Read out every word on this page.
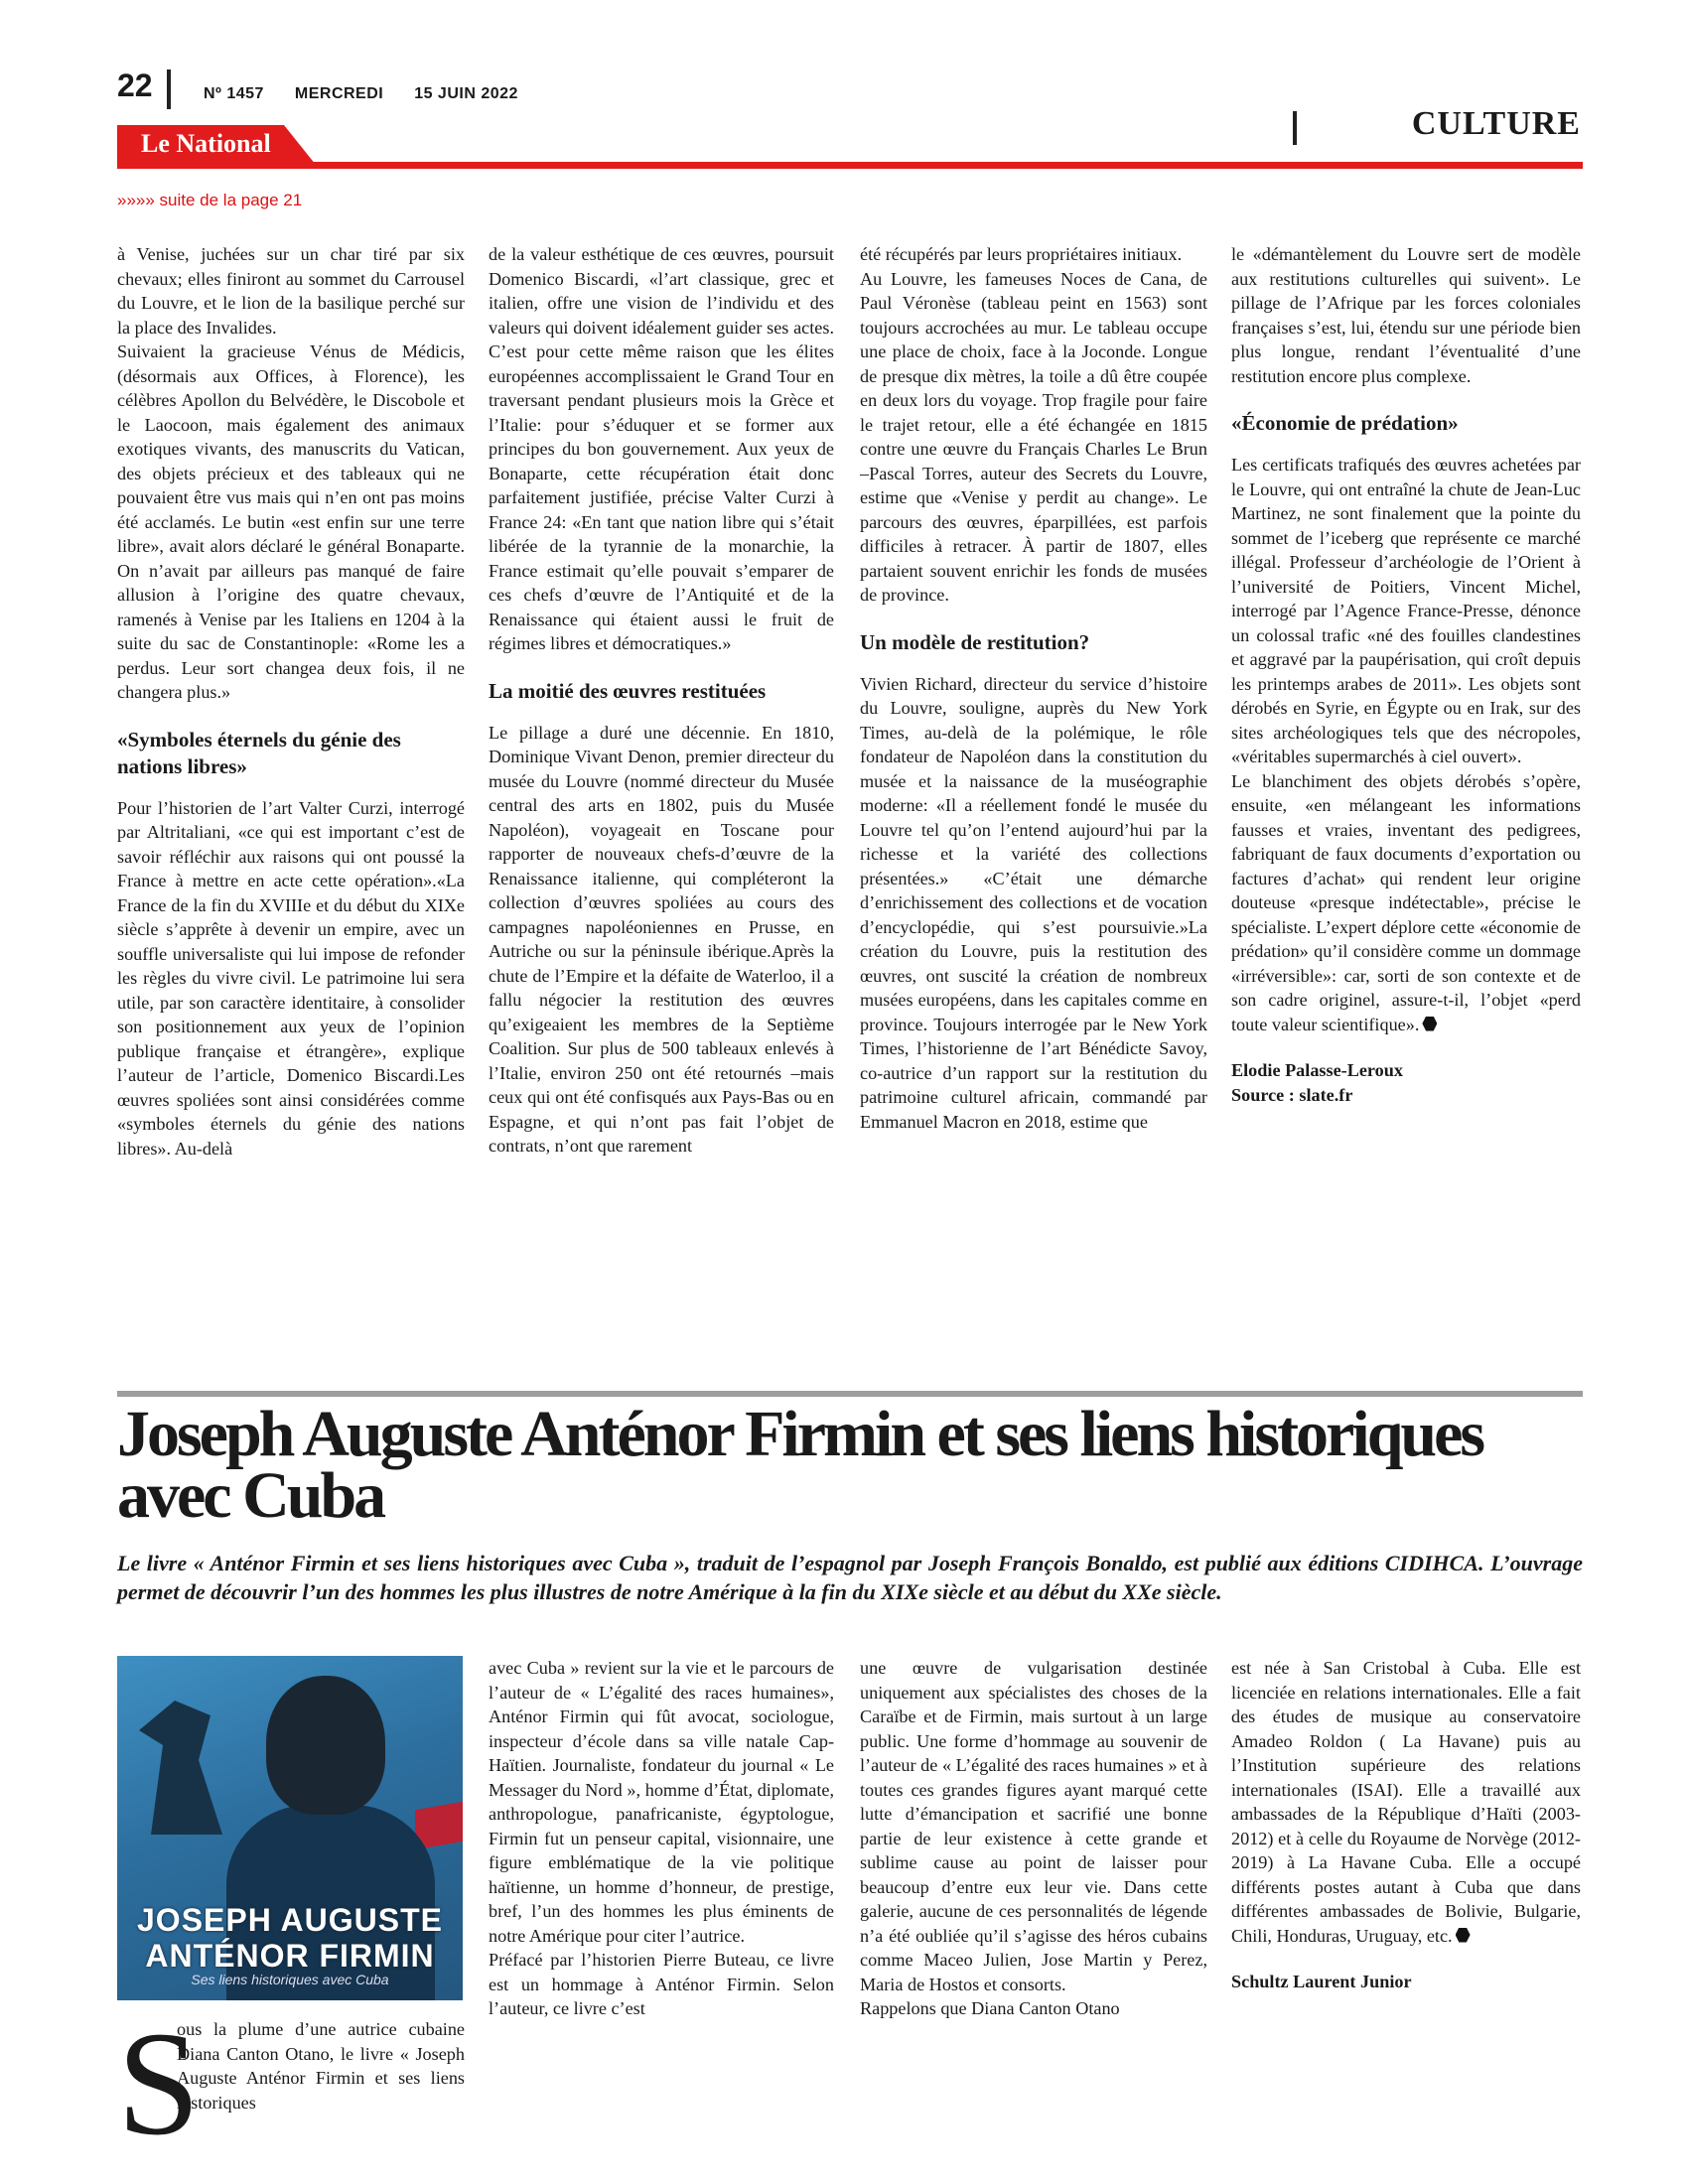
22	Nº 1457 MERCREDI 15 JUIN 2022
Le National
CULTURE
»»»» suite de la page 21

à Venise, juchées sur un char tiré par six chevaux; elles finiront au sommet du Carrousel du Louvre, et le lion de la basilique perché sur la place des Invalides.

Suivaient la gracieuse Vénus de Médicis, (désormais aux Offices, à Florence), les célèbres Apollon du Belvédère, le Discobole et le Laocoon, mais également des animaux exotiques vivants, des manuscrits du Vatican, des objets précieux et des tableaux qui ne pouvaient être vus mais qui n’en ont pas moins été acclamés. Le butin «est enfin sur une terre libre», avait alors déclaré le général Bonaparte. On n’avait par ailleurs pas manqué de faire allusion à l’origine des quatre chevaux, ramenés à Venise par les Italiens en 1204 à la suite du sac de Constantinople: «Rome les a perdus. Leur sort changea deux fois, il ne changera plus.»

«Symboles éternels du génie des nations libres»

Pour l’historien de l’art Valter Curzi, interrogé par Altritaliani, «ce qui est important c’est de savoir réfléchir aux raisons qui ont poussé la France à mettre en acte cette opération».«La France de la fin du XVIIIe et du début du XIXe siècle s’apprête à devenir un empire, avec un souffle universaliste qui lui impose de refonder les règles du vivre civil. Le patrimoine lui sera utile, par son caractère identitaire, à consolider son positionnement aux yeux de l’opinion publique française et étrangère», explique l’auteur de l’article, Domenico Biscardi.Les œuvres spoliées sont ainsi considérées comme «symboles éternels du génie des nations libres». Au-delà

de la valeur esthétique de ces œuvres, poursuit Domenico Biscardi, «l’art classique, grec et italien, offre une vision de l’individu et des valeurs qui doivent idéalement guider ses actes. C’est pour cette même raison que les élites européennes accomplissaient le Grand Tour en traversant pendant plusieurs mois la Grèce et l’Italie: pour s’éduquer et se former aux principes du bon gouvernement. Aux yeux de Bonaparte, cette récupération était donc parfaitement justifiée, précise Valter Curzi à France 24: «En tant que nation libre qui s’était libérée de la tyrannie de la monarchie, la France estimait qu’elle pouvait s’emparer de ces chefs d’œuvre de l’Antiquité et de la Renaissance qui étaient aussi le fruit de régimes libres et démocratiques.»

La moitié des œuvres restituées

Le pillage a duré une décennie. En 1810, Dominique Vivant Denon, premier directeur du musée du Louvre (nommé directeur du Musée central des arts en 1802, puis du Musée Napoléon), voyageait en Toscane pour rapporter de nouveaux chefs-d’œuvre de la Renaissance italienne, qui compléteront la collection d’œuvres spoliées au cours des campagnes napoléoniennes en Prusse, en Autriche ou sur la péninsule ibérique.Après la chute de l’Empire et la défaite de Waterloo, il a fallu négocier la restitution des œuvres qu’exigeaient les membres de la Septième Coalition. Sur plus de 500 tableaux enlevés à l’Italie, environ 250 ont été retournés –mais ceux qui ont été confisqués aux Pays-Bas ou en Espagne, et qui n’ont pas fait l’objet de contrats, n’ont que rarement

été récupérés par leurs propriétaires initiaux.

Au Louvre, les fameuses Noces de Cana, de Paul Véronèse (tableau peint en 1563) sont toujours accrochées au mur. Le tableau occupe une place de choix, face à la Joconde. Longue de presque dix mètres, la toile a dû être coupée en deux lors du voyage. Trop fragile pour faire le trajet retour, elle a été échangée en 1815 contre une œuvre du Français Charles Le Brun –Pascal Torres, auteur des Secrets du Louvre, estime que «Venise y perdit au change». Le parcours des œuvres, éparpillées, est parfois difficiles à retracer. À partir de 1807, elles partaient souvent enrichir les fonds de musées de province.

Un modèle de restitution?

Vivien Richard, directeur du service d’histoire du Louvre, souligne, auprès du New York Times, au-delà de la polémique, le rôle fondateur de Napoléon dans la constitution du musée et la naissance de la muséographie moderne: «Il a réellement fondé le musée du Louvre tel qu’on l’entend aujourd’hui par la richesse et la variété des collections présentées.» «C’était une démarche d’enrichissement des collections et de vocation d’encyclopédie, qui s’est poursuivie.»La création du Louvre, puis la restitution des œuvres, ont suscité la création de nombreux musées européens, dans les capitales comme en province. Toujours interrogée par le New York Times, l’historienne de l’art Bénédicte Savoy, co-autrice d’un rapport sur la restitution du patrimoine culturel africain, commandé par Emmanuel Macron en 2018, estime que

le «démantèlement du Louvre sert de modèle aux restitutions culturelles qui suivent». Le pillage de l’Afrique par les forces coloniales françaises s’est, lui, étendu sur une période bien plus longue, rendant l’éventualité d’une restitution encore plus complexe.

«Économie de prédation»

Les certificats trafiqués des œuvres achetées par le Louvre, qui ont entraîné la chute de Jean-Luc Martinez, ne sont finalement que la pointe du sommet de l’iceberg que représente ce marché illégal. Professeur d’archéologie de l’Orient à l’université de Poitiers, Vincent Michel, interrogé par l’Agence France-Presse, dénonce un colossal trafic «né des fouilles clandestines et aggravé par la paupérisation, qui croît depuis les printemps arabes de 2011». Les objets sont dérobés en Syrie, en Égypte ou en Irak, sur des sites archéologiques tels que des nécropoles, «véritables supermarchés à ciel ouvert».

Le blanchiment des objets dérobés s’opère, ensuite, «en mélangeant les informations fausses et vraies, inventant des pedigrees, fabriquant de faux documents d’exportation ou factures d’achat» qui rendent leur origine douteuse «presque indétectable», précise le spécialiste. L’expert déplore cette «économie de prédation» qu’il considère comme un dommage «irréversible»: car, sorti de son contexte et de son cadre originel, assure-t-il, l’objet «perd toute valeur scientifique».

Elodie Palasse-Leroux
Source : slate.fr
Joseph Auguste Anténor Firmin et ses liens historiques avec Cuba
Le livre « Anténor Firmin et ses liens historiques avec Cuba », traduit de l’espagnol par Joseph François Bonaldo, est publié aux éditions CIDIHCA. L’ouvrage permet de découvrir l’un des hommes les plus illustres de notre Amérique à la fin du XIXe siècle et au début du XXe siècle.
JOSEPH AUGUSTE ANTÉNOR FIRMIN
Ses liens historiques avec Cuba
S

ous la plume d’une autrice cubaine Diana Canton Otano, le livre « Joseph Auguste Anténor Firmin et ses liens historiques

avec Cuba » revient sur la vie et le parcours de l’auteur de « L’égalité des races humaines», Anténor Firmin qui fût avocat, sociologue, inspecteur d’école dans sa ville natale Cap-Haïtien. Journaliste, fondateur du journal « Le Messager du Nord », homme d’État, diplomate, anthropologue, panafricaniste, égyptologue, Firmin fut un penseur capital, visionnaire, une figure emblématique de la vie politique haïtienne, un homme d’honneur, de prestige, bref, l’un des hommes les plus éminents de notre Amérique pour citer l’autrice.

Préfacé par l’historien Pierre Buteau, ce livre est un hommage à Anténor Firmin. Selon l’auteur, ce livre c’est

une œuvre de vulgarisation destinée uniquement aux spécialistes des choses de la Caraïbe et de Firmin, mais surtout à un large public. Une forme d’hommage au souvenir de l’auteur de « L’égalité des races humaines » et à toutes ces grandes figures ayant marqué cette lutte d’émancipation et sacrifié une bonne partie de leur existence à cette grande et sublime cause au point de laisser pour beaucoup d’entre eux leur vie. Dans cette galerie, aucune de ces personnalités de légende n’a été oubliée qu’il s’agisse des héros cubains comme Maceo Julien, Jose Martin y Perez, Maria de Hostos et consorts.

Rappelons que Diana Canton Otano

est née à San Cristobal à Cuba. Elle est licenciée en relations internationales. Elle a fait des études de musique au conservatoire Amadeo Roldon ( La Havane) puis au l’Institution supérieure des relations internationales (ISAI). Elle a travaillé aux ambassades de la République d’Haïti (2003-2012) et à celle du Royaume de Norvège (2012-2019) à La Havane Cuba. Elle a occupé différents postes autant à Cuba que dans différentes ambassades de Bolivie, Bulgarie, Chili, Honduras, Uruguay, etc.

Schultz Laurent Junior
